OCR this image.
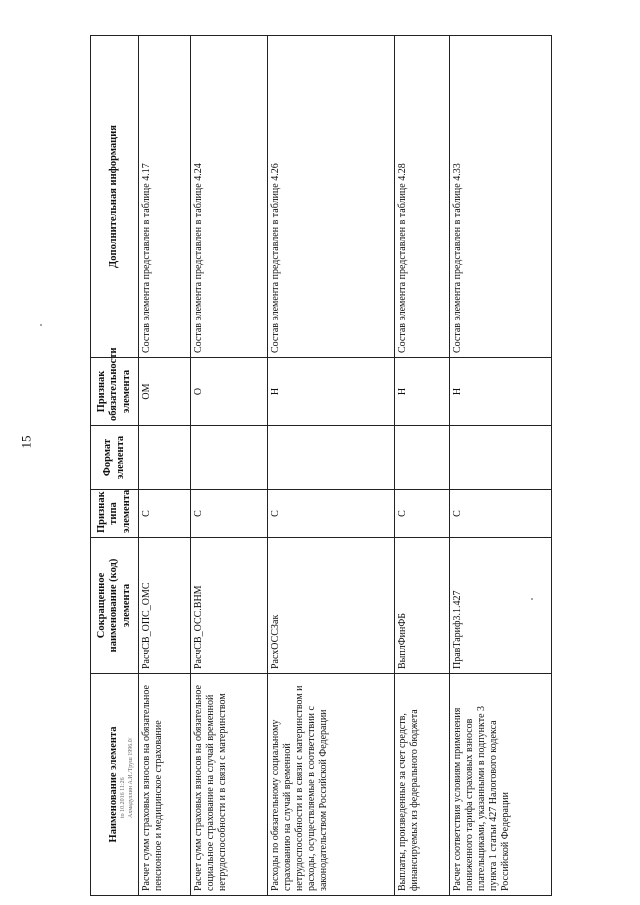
15
Наименование элемента	Сокращенное наименование (код) элемента	Признак типа элемента	Формат элемента	Признак обязательности элемента	Дополнительная информация
Расчет сумм страховых взносов на обязательное пенсионное и медицинское страхование	РасчСВ_ОПС_ОМС	С		ОМ	Состав элемента представлен в таблице 4.17
Расчет сумм страховых взносов на обязательное социальное страхование на случай временной нетрудоспособности и в связи с материнством	РасчСВ_ОСС.ВНМ	С		О	Состав элемента представлен в таблице 4.24
Расходы по обязательному социальному страхованию на случай временной нетрудоспособности и в связи с материнством и расходы, осуществляемые в соответствии с законодательством Российской Федерации	РасхОССЗак	С		Н	Состав элемента представлен в таблице 4.26
Выплаты, произведенные за счет средств, финансируемых из федерального бюджета	ВыплФинФБ	С		Н	Состав элемента представлен в таблице 4.28
Расчет соответствия условиям применения пониженного тарифа страховых взносов плательщиками, указанными в подпункте 3 пункта 1 статьи 427 Налогового кодекса Российской Федерации	ПравТариф3.1.427	С		Н	Состав элемента представлен в таблице 4.33
to 10.2016 11:26 Ахмадуллин А.И./Труш 1996.0/
